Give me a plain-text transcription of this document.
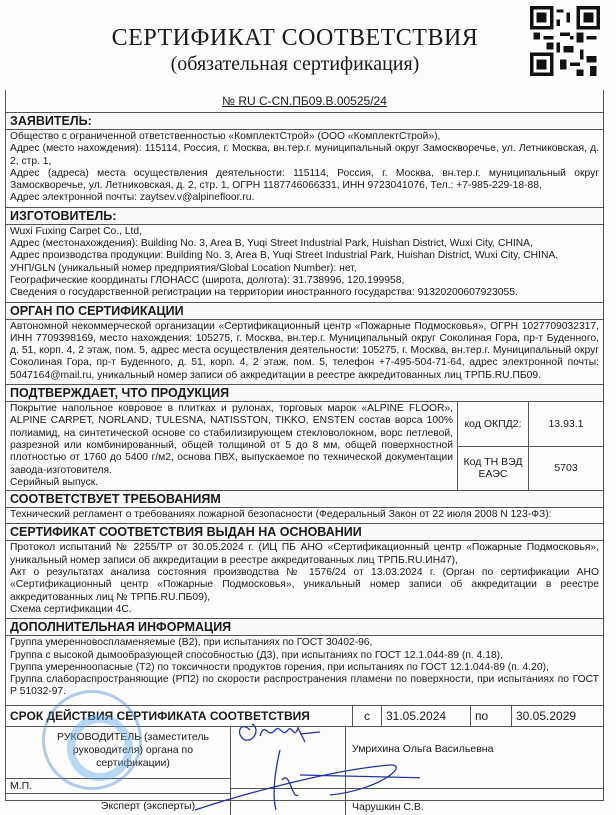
СЕРТИФИКАТ СООТВЕТСТВИЯ
(обязательная сертификация)
№ RU C-CN.ПБ09.В.00525/24
ЗАЯВИТЕЛЬ:
Общество с ограниченной ответственностью «КомплектСтрой» (ООО «КомплектСтрой»),
Адрес (место нахождения): 115114, Россия, г. Москва, вн.тер.г. муниципальный округ Замоскворечье, ул. Летниковская, д. 2, стр. 1,
Адрес (адреса) места осуществления деятельности: 115114, Россия, г. Москва, вн.тер.г. муниципальный округ Замоскворечье, ул. Летниковская, д. 2, стр. 1, ОГРН 1187746066331, ИНН 9723041076, Тел.: +7-985-229-18-88,
Адрес электронной почты: zaytsev.v@alpinefloor.ru.
ИЗГОТОВИТЕЛЬ:
Wuxi Fuxing Carpet Co., Ltd,
Адрес (местонахождения): Building No. 3, Area B, Yuqi Street Industrial Park, Huishan District, Wuxi City, CHINA,
Адрес производства продукции: Building No. 3, Area B, Yuqi Street Industrial Park, Huishan District, Wuxi City, CHINA,
УНП/GLN (уникальный номер предприятия/Global Location Number): нет,
Географические координаты ГЛОНАСС (широта, долгота): 31.738996, 120.199958,
Сведения о государственной регистрации на территории иностранного государства: 91320200607923055.
ОРГАН ПО СЕРТИФИКАЦИИ
Автономной некоммерческой организации «Сертификационный центр «Пожарные Подмосковья», ОГРН 1027709032317, ИНН 7709398169, место нахождения: 105275, г. Москва, вн.тер.г. Муниципальный округ Соколиная Гора, пр-т Буденного, д. 51, корп. 4, 2 этаж, пом. 5, адрес места осуществления деятельности: 105275, г. Москва, вн.тер.г. Муниципальный округ Соколиная Гора, пр-т Буденного, д. 51, корп. 4, 2 этаж, пом. 5, телефон +7-495-504-71-64, адрес электронной почты: 5047164@mail.ru, уникальный номер записи об аккредитации в реестре аккредитованных лиц ТРПБ.RU.ПБ09.
ПОДТВЕРЖДАЕТ, ЧТО ПРОДУКЦИЯ
Покрытие напольное ковровое в плитках и рулонах, торговых марок «ALPINE FLOOR», ALPINE CARPET, NORLAND, TULESNA, NATISSTON, TIKKO, ENSTEN состав ворса 100% полиамид, на синтетической основе со стабилизирующем стекловолокном, ворс петлевой, разрезной или комбинированный, общей толщиной от 5 до 8 мм, общей поверхностной плотностью от 1760 до 5400 г/м2, основа ПВХ, выпускаемое по технической документации завода-изготовителя.
Серийный выпуск.
код ОКПД2:	13.93.1
Код ТН ВЭД ЕАЭС	5703
СООТВЕТСТВУЕТ ТРЕБОВАНИЯМ
Технический регламент о требованиях пожарной безопасности (Федеральный Закон от 22 июля 2008 N 123-ФЗ):
СЕРТИФИКАТ СООТВЕТСТВИЯ ВЫДАН НА ОСНОВАНИИ
Протокол испытаний № 2255/ТР от 30.05.2024 г. (ИЦ ПБ АНО «Сертификационный центр «Пожарные Подмосковья», уникальный номер записи об аккредитации в реестре аккредитованных лиц ТРПБ.RU.ИН47),
Акт о результатах анализа состояния производства № 1576/24 от 13.03.2024 г. (Орган по сертификации АНО «Сертификационный центр «Пожарные Подмосковья», уникальный номер записи об аккредитации в реестре аккредитованных лиц № ТРПБ.RU.ПБ09),
Схема сертификации 4С.
ДОПОЛНИТЕЛЬНАЯ ИНФОРМАЦИЯ
Группа умеренновоспламеняемые (В2), при испытаниях по ГОСТ 30402-96,
Группа с высокой дымообразующей способностью (Д3), при испытаниях по ГОСТ 12.1.044-89 (п. 4.18),
Группа умеренноопасные (Т2) по токсичности продуктов горения, при испытаниях по ГОСТ 12.1.044-89 (п. 4.20),
Группа слабораспространяющие (РП2) по скорости распространения пламени по поверхности, при испытаниях по ГОСТ Р 51032-97.
СРОК ДЕЙСТВИЯ СЕРТИФИКАТА СООТВЕТСТВИЯ	с	31.05.2024	по	30.05.2029
РУКОВОДИТЕЛЬ (заместитель руководителя) органа по сертификации)
М.П.
Эксперт (эксперты)
Умрихина Ольга Васильевна
Чарушкин С.В.
